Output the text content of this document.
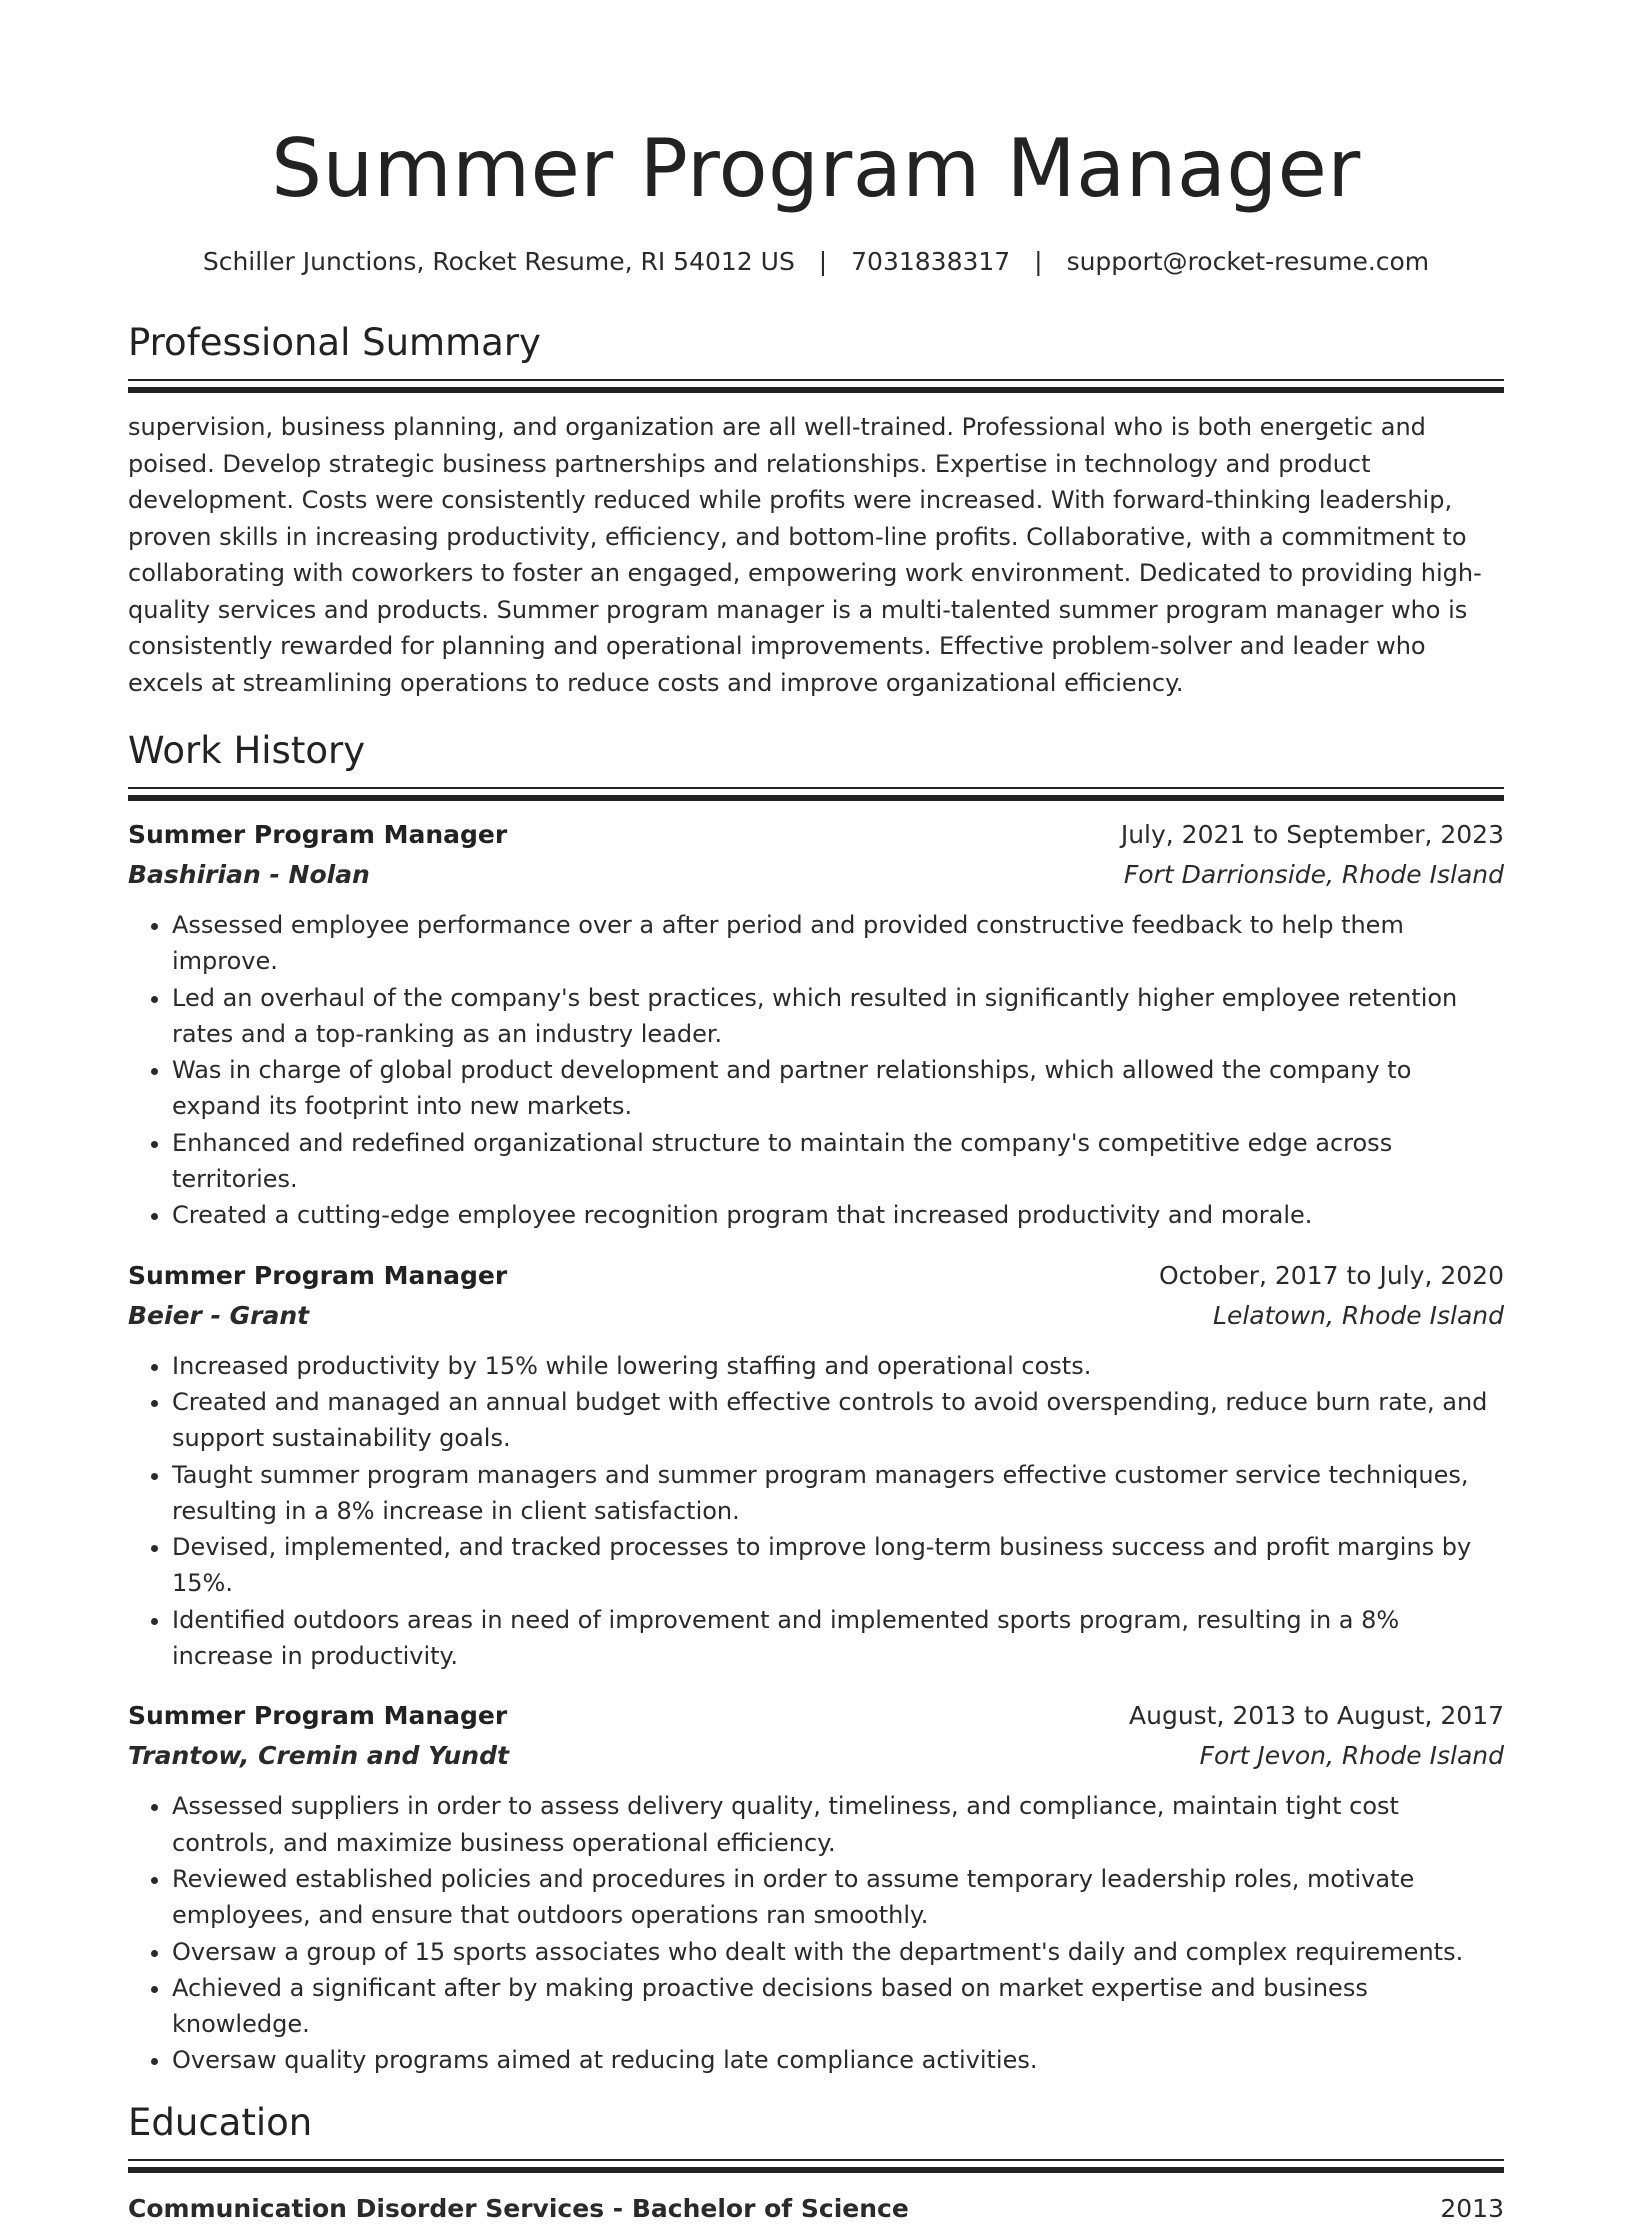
Summer Program Manager
Schiller Junctions, Rocket Resume, RI 54012 US | 7031838317 | support@rocket-resume.com
Professional Summary
supervision, business planning, and organization are all well-trained. Professional who is both energetic and poised. Develop strategic business partnerships and relationships. Expertise in technology and product development. Costs were consistently reduced while profits were increased. With forward-thinking leadership, proven skills in increasing productivity, efficiency, and bottom-line profits. Collaborative, with a commitment to collaborating with coworkers to foster an engaged, empowering work environment. Dedicated to providing high-quality services and products. Summer program manager is a multi-talented summer program manager who is consistently rewarded for planning and operational improvements. Effective problem-solver and leader who excels at streamlining operations to reduce costs and improve organizational efficiency.
Work History
Summer Program Manager	July, 2021 to September, 2023
Bashirian - Nolan	Fort Darrionside, Rhode Island
• Assessed employee performance over a after period and provided constructive feedback to help them improve.
• Led an overhaul of the company's best practices, which resulted in significantly higher employee retention rates and a top-ranking as an industry leader.
• Was in charge of global product development and partner relationships, which allowed the company to expand its footprint into new markets.
• Enhanced and redefined organizational structure to maintain the company's competitive edge across territories.
• Created a cutting-edge employee recognition program that increased productivity and morale.
Summer Program Manager	October, 2017 to July, 2020
Beier - Grant	Lelatown, Rhode Island
• Increased productivity by 15% while lowering staffing and operational costs.
• Created and managed an annual budget with effective controls to avoid overspending, reduce burn rate, and support sustainability goals.
• Taught summer program managers and summer program managers effective customer service techniques, resulting in a 8% increase in client satisfaction.
• Devised, implemented, and tracked processes to improve long-term business success and profit margins by 15%.
• Identified outdoors areas in need of improvement and implemented sports program, resulting in a 8% increase in productivity.
Summer Program Manager	August, 2013 to August, 2017
Trantow, Cremin and Yundt	Fort Jevon, Rhode Island
• Assessed suppliers in order to assess delivery quality, timeliness, and compliance, maintain tight cost controls, and maximize business operational efficiency.
• Reviewed established policies and procedures in order to assume temporary leadership roles, motivate employees, and ensure that outdoors operations ran smoothly.
• Oversaw a group of 15 sports associates who dealt with the department's daily and complex requirements.
• Achieved a significant after by making proactive decisions based on market expertise and business knowledge.
• Oversaw quality programs aimed at reducing late compliance activities.
Education
Communication Disorder Services - Bachelor of Science	2013
